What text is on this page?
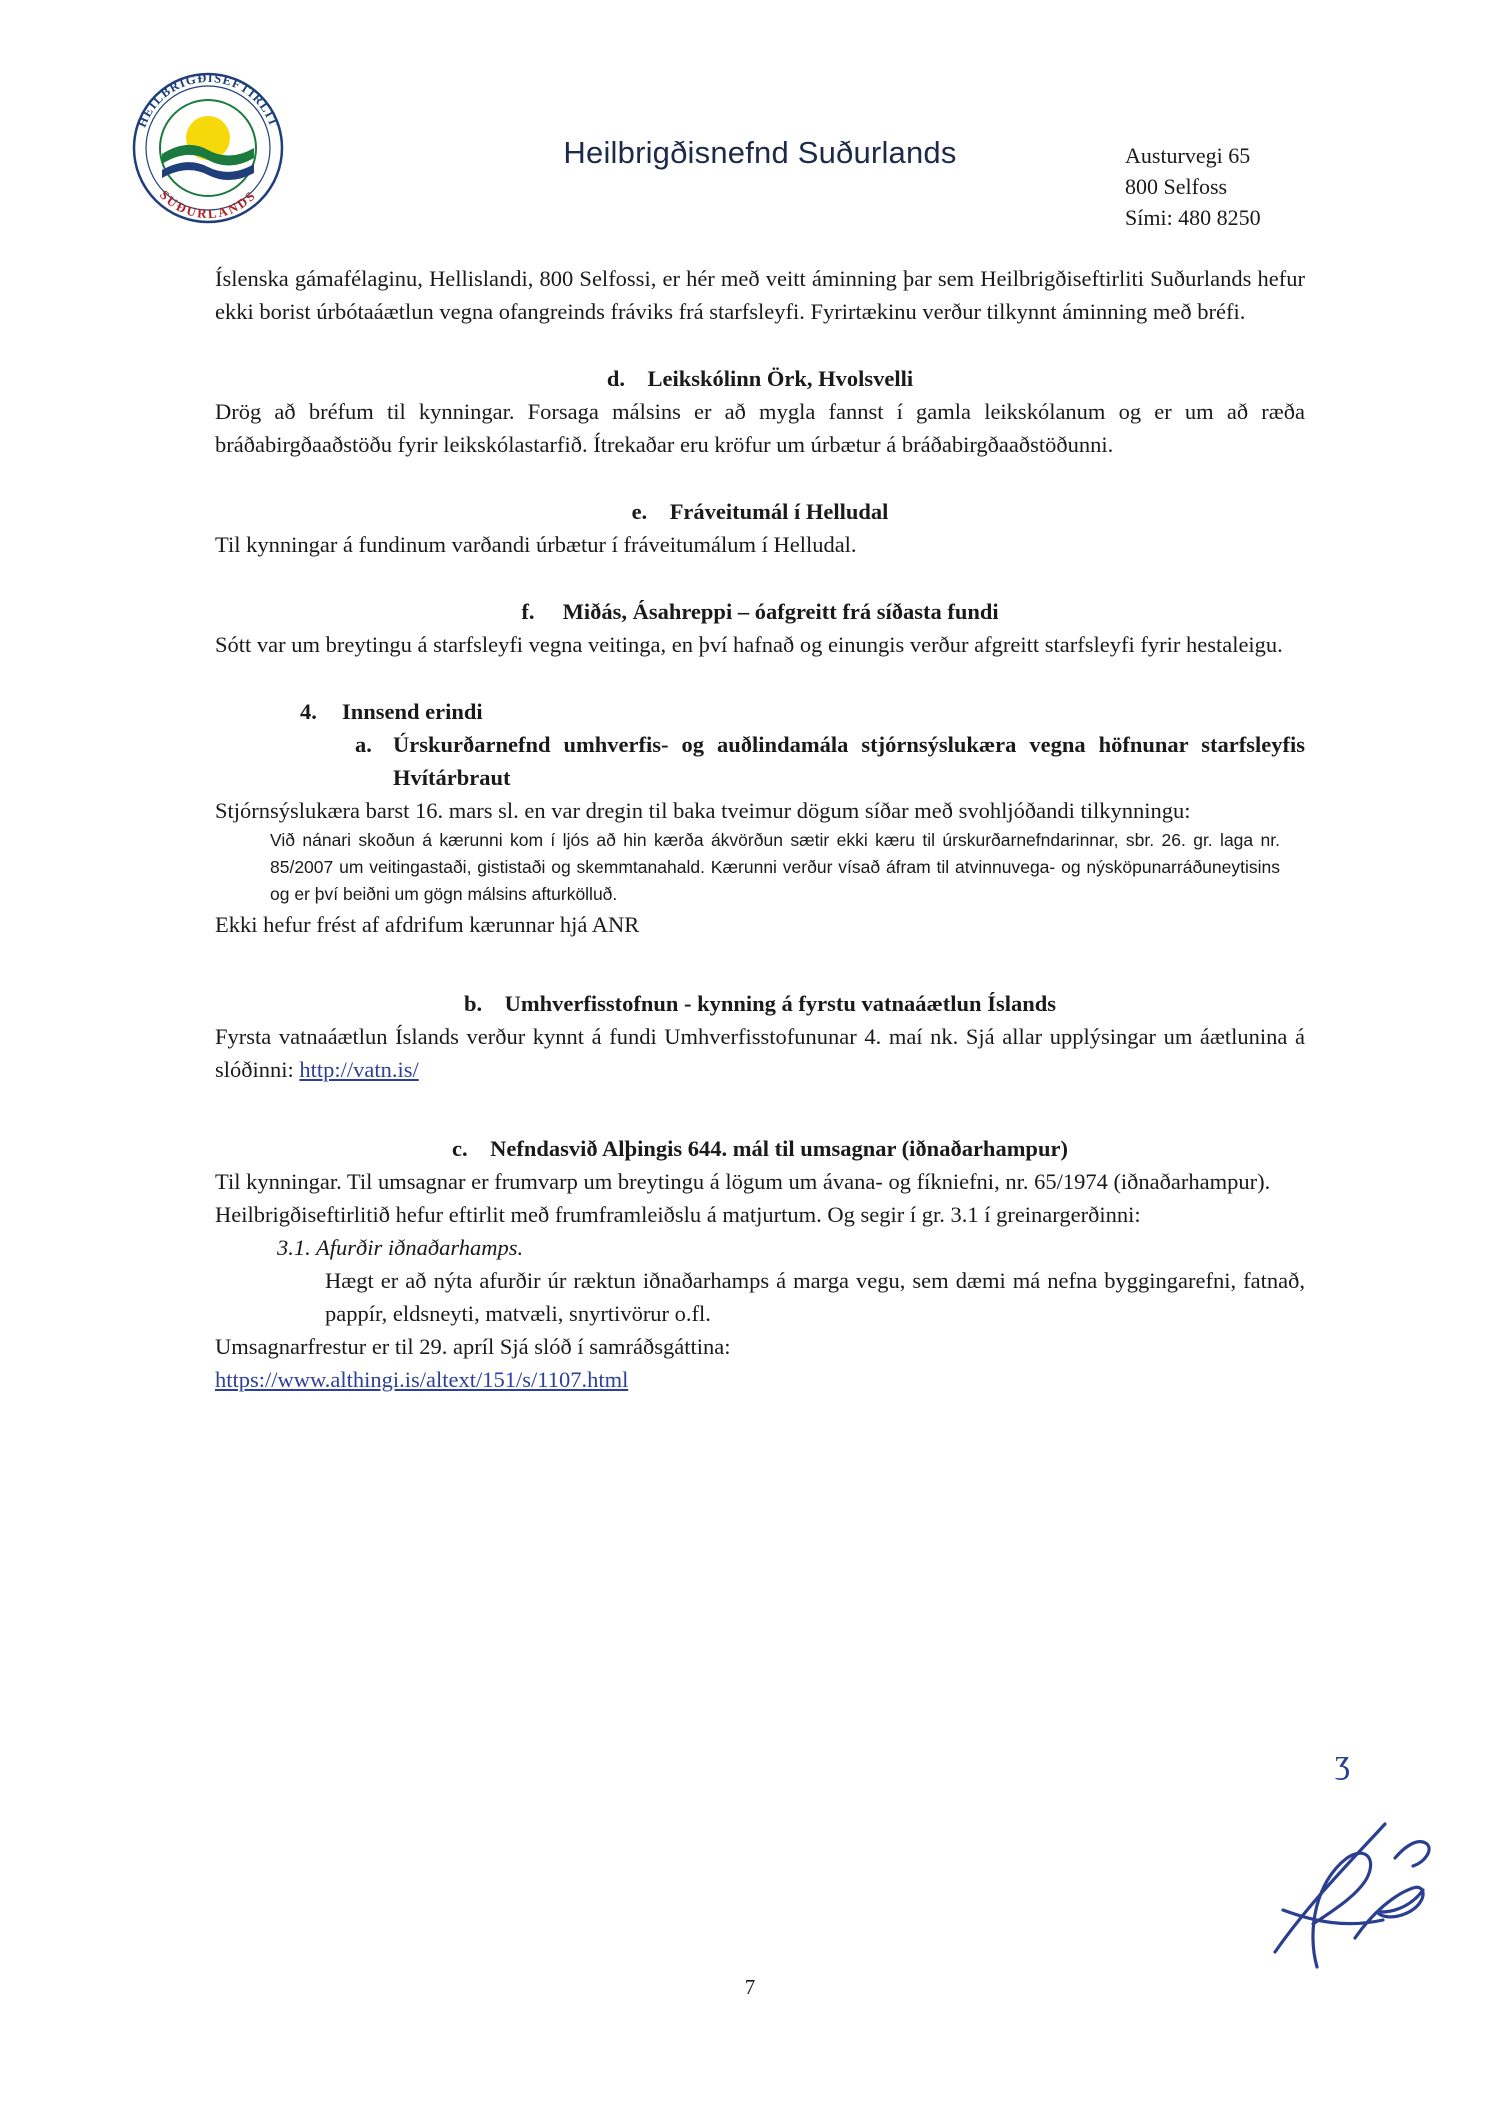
HEILBRIGÐISEFTIRLIT
SUÐURLANDS
Heilbrigðisnefnd Suðurlands	Austurvegi 65
800 Selfoss
Sími: 480 8250

Íslenska gámafélaginu, Hellislandi, 800 Selfossi, er hér með veitt áminning þar sem Heilbrigðiseftirliti Suðurlands hefur ekki borist úrbótaáætlun vegna ofangreinds fráviks frá starfsleyfi. Fyrirtækinu verður tilkynnt áminning með bréfi.

d. Leikskólinn Örk, Hvolsvelli

Drög að bréfum til kynningar. Forsaga málsins er að mygla fannst í gamla leikskólanum og er um að ræða bráðabirgðaaðstöðu fyrir leikskólastarfið. Ítrekaðar eru kröfur um úrbætur á bráðabirgðaaðstöðunni.

e. Fráveitumál í Helludal

Til kynningar á fundinum varðandi úrbætur í fráveitumálum í Helludal.

f. Miðás, Ásahreppi – óafgreitt frá síðasta fundi

Sótt var um breytingu á starfsleyfi vegna veitinga, en því hafnað og einungis verður afgreitt starfsleyfi fyrir hestaleigu.

4.	Innsend erindi
a. Úrskurðarnefnd umhverfis- og auðlindamála stjórnsýslukæra vegna höfnunar starfsleyfis Hvítárbraut

Stjórnsýslukæra barst 16. mars sl. en var dregin til baka tveimur dögum síðar með svohljóðandi tilkynningu:

Við nánari skoðun á kærunni kom í ljós að hin kærða ákvörðun sætir ekki kæru til úrskurðarnefndarinnar, sbr. 26. gr. laga nr. 85/2007 um veitingastaði, gististaði og skemmtanahald. Kærunni verður vísað áfram til atvinnuvega- og nýsköpunarráðuneytisins og er því beiðni um gögn málsins afturkölluð.

Ekki hefur frést af afdrifum kærunnar hjá ANR

b. Umhverfisstofnun - kynning á fyrstu vatnaáætlun Íslands

Fyrsta vatnaáætlun Íslands verður kynnt á fundi Umhverfisstofununar 4. maí nk. Sjá allar upplýsingar um áætlunina á slóðinni: http://vatn.is/

c. Nefndasvið Alþingis 644. mál til umsagnar (iðnaðarhampur)

Til kynningar. Til umsagnar er frumvarp um breytingu á lögum um ávana- og fíkniefni, nr. 65/1974 (iðnaðarhampur).

Heilbrigðiseftirlitið hefur eftirlit með frumframleiðslu á matjurtum. Og segir í gr. 3.1 í greinargerðinni:

3.1. Afurðir iðnaðarhamps.

Hægt er að nýta afurðir úr ræktun iðnaðarhamps á marga vegu, sem dæmi má nefna byggingarefni, fatnað, pappír, eldsneyti, matvæli, snyrtivörur o.fl.

Umsagnarfrestur er til 29. apríl Sjá slóð í samráðsgáttina:

https://www.althingi.is/altext/151/s/1107.html

ʒ
7
